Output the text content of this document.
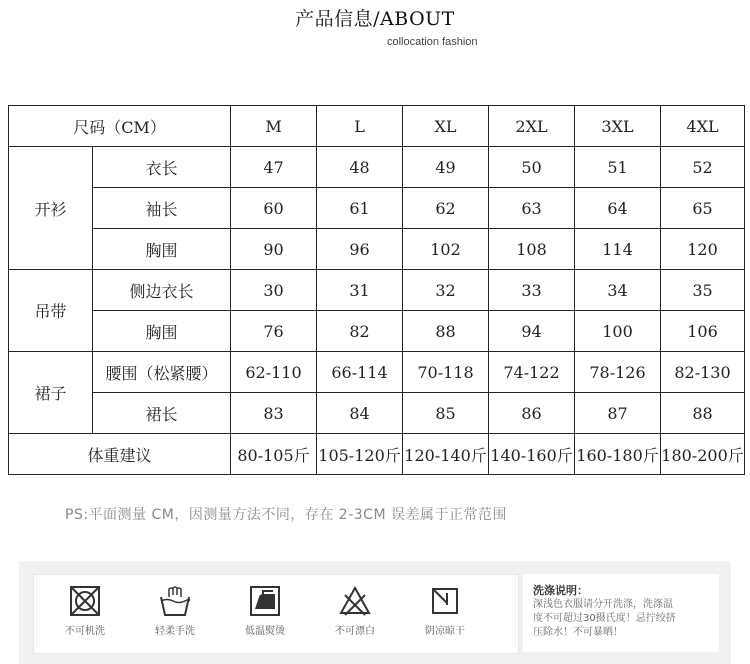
产品信息/ABOUT
collocation fashion
尺码（CM）		M	L	XL	2XL	3XL	4XL
开衫	衣长	47	48	49	50	51	52
	袖长	60	61	62	63	64	65
	胸围	90	96	102	108	114	120
吊带	侧边衣长	30	31	32	33	34	35
	胸围	76	82	88	94	100	106
裙子	腰围（松紧腰）	62-110	66-114	70-118	74-122	78-126	82-130
	裙长	83	84	85	86	87	88
体重建议		80-105斤	105-120斤	120-140斤	140-160斤	160-180斤	180-200斤
PS:平面测量 CM，因测量方法不同，存在 2-3CM 误差属于正常范围
不可机洗	轻柔手洗	低温熨烫	不可漂白	阴凉晾干
洗涤说明：
深浅色衣服请分开洗涤，洗涤温
度不可超过30摄氏度！忌拧绞挤
压除水！不可暴晒！
